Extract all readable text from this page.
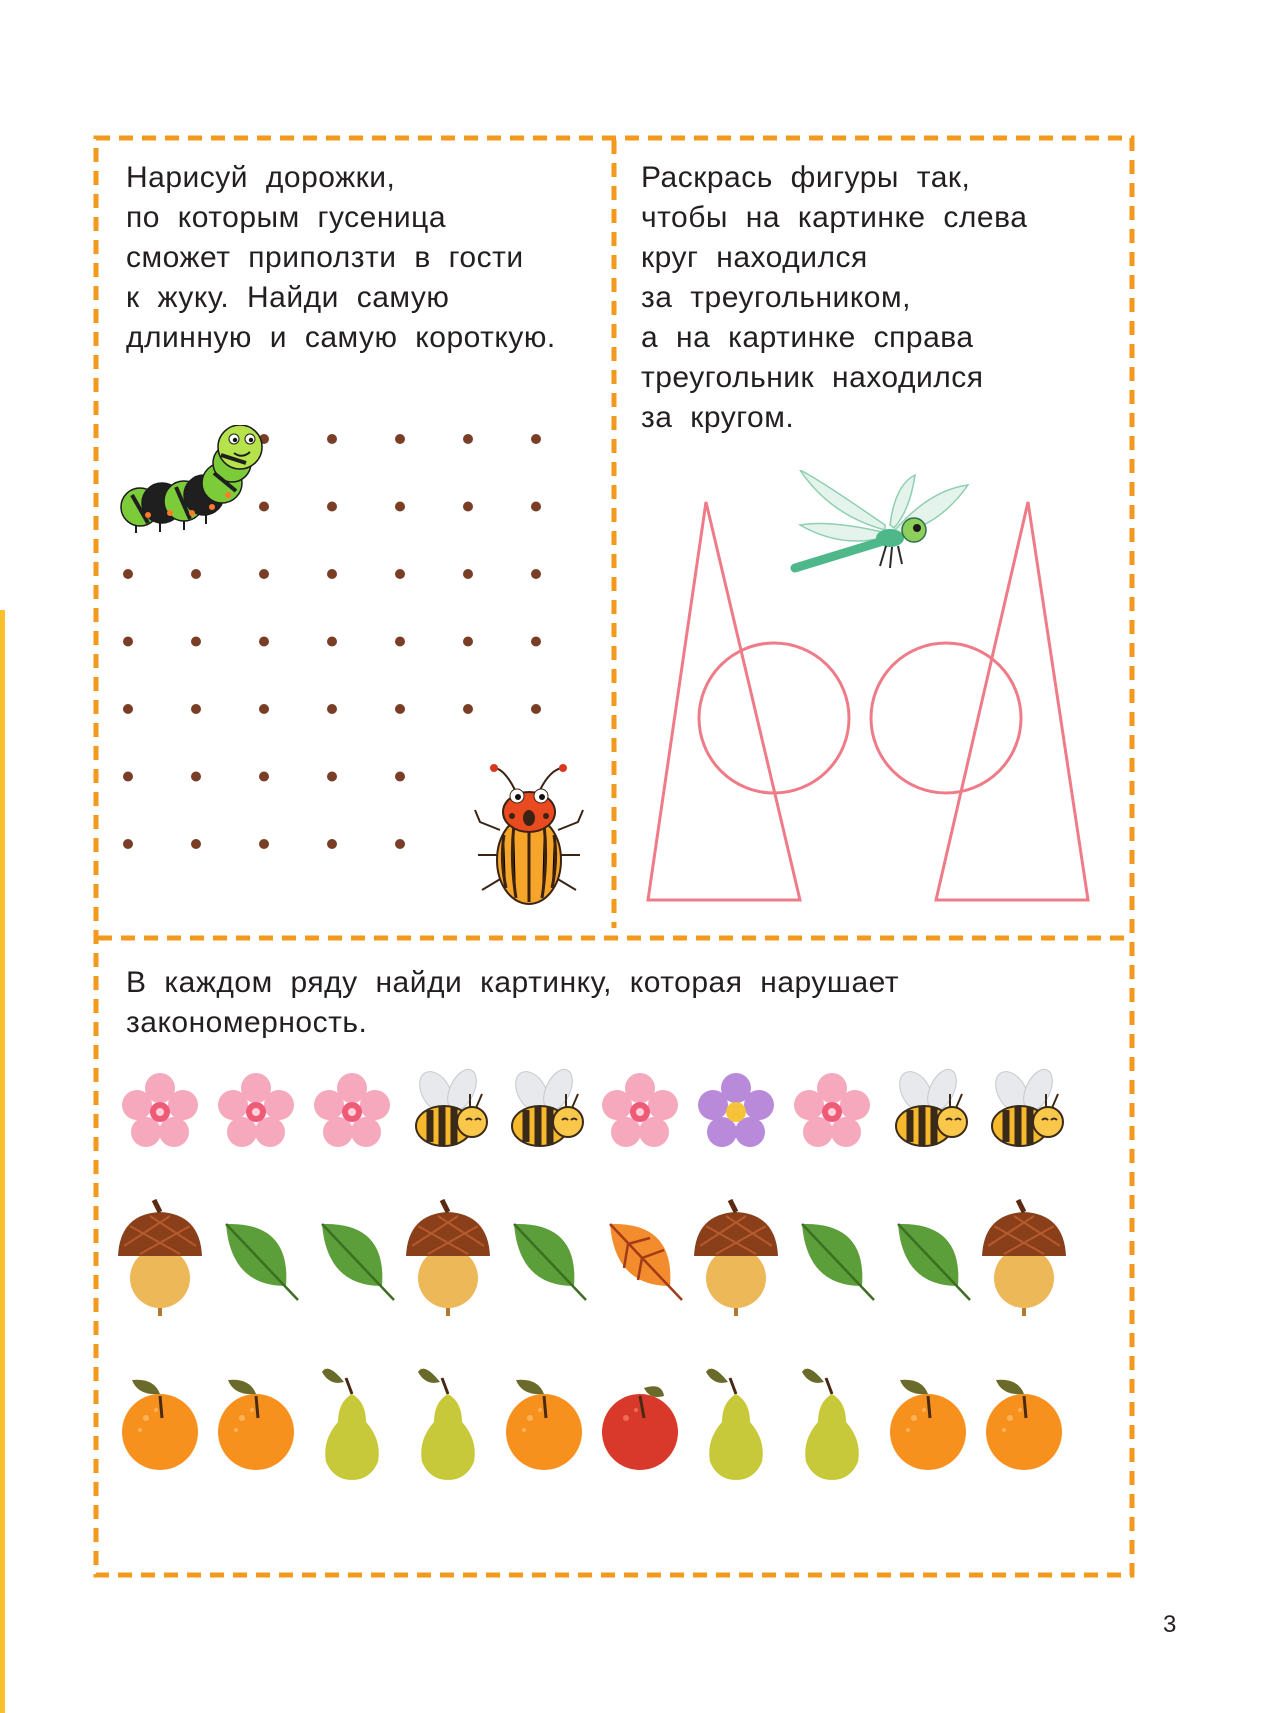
Нарисуй дорожки,
по которым гусеница
сможет приползти в гости
к жуку. Найди самую
длинную и самую короткую.
Раскрась фигуры так,
чтобы на картинке слева
круг находился
за треугольником,
а на картинке справа
треугольник находился
за кругом.
В каждом ряду найди картинку, которая нарушает
закономерность.
3
